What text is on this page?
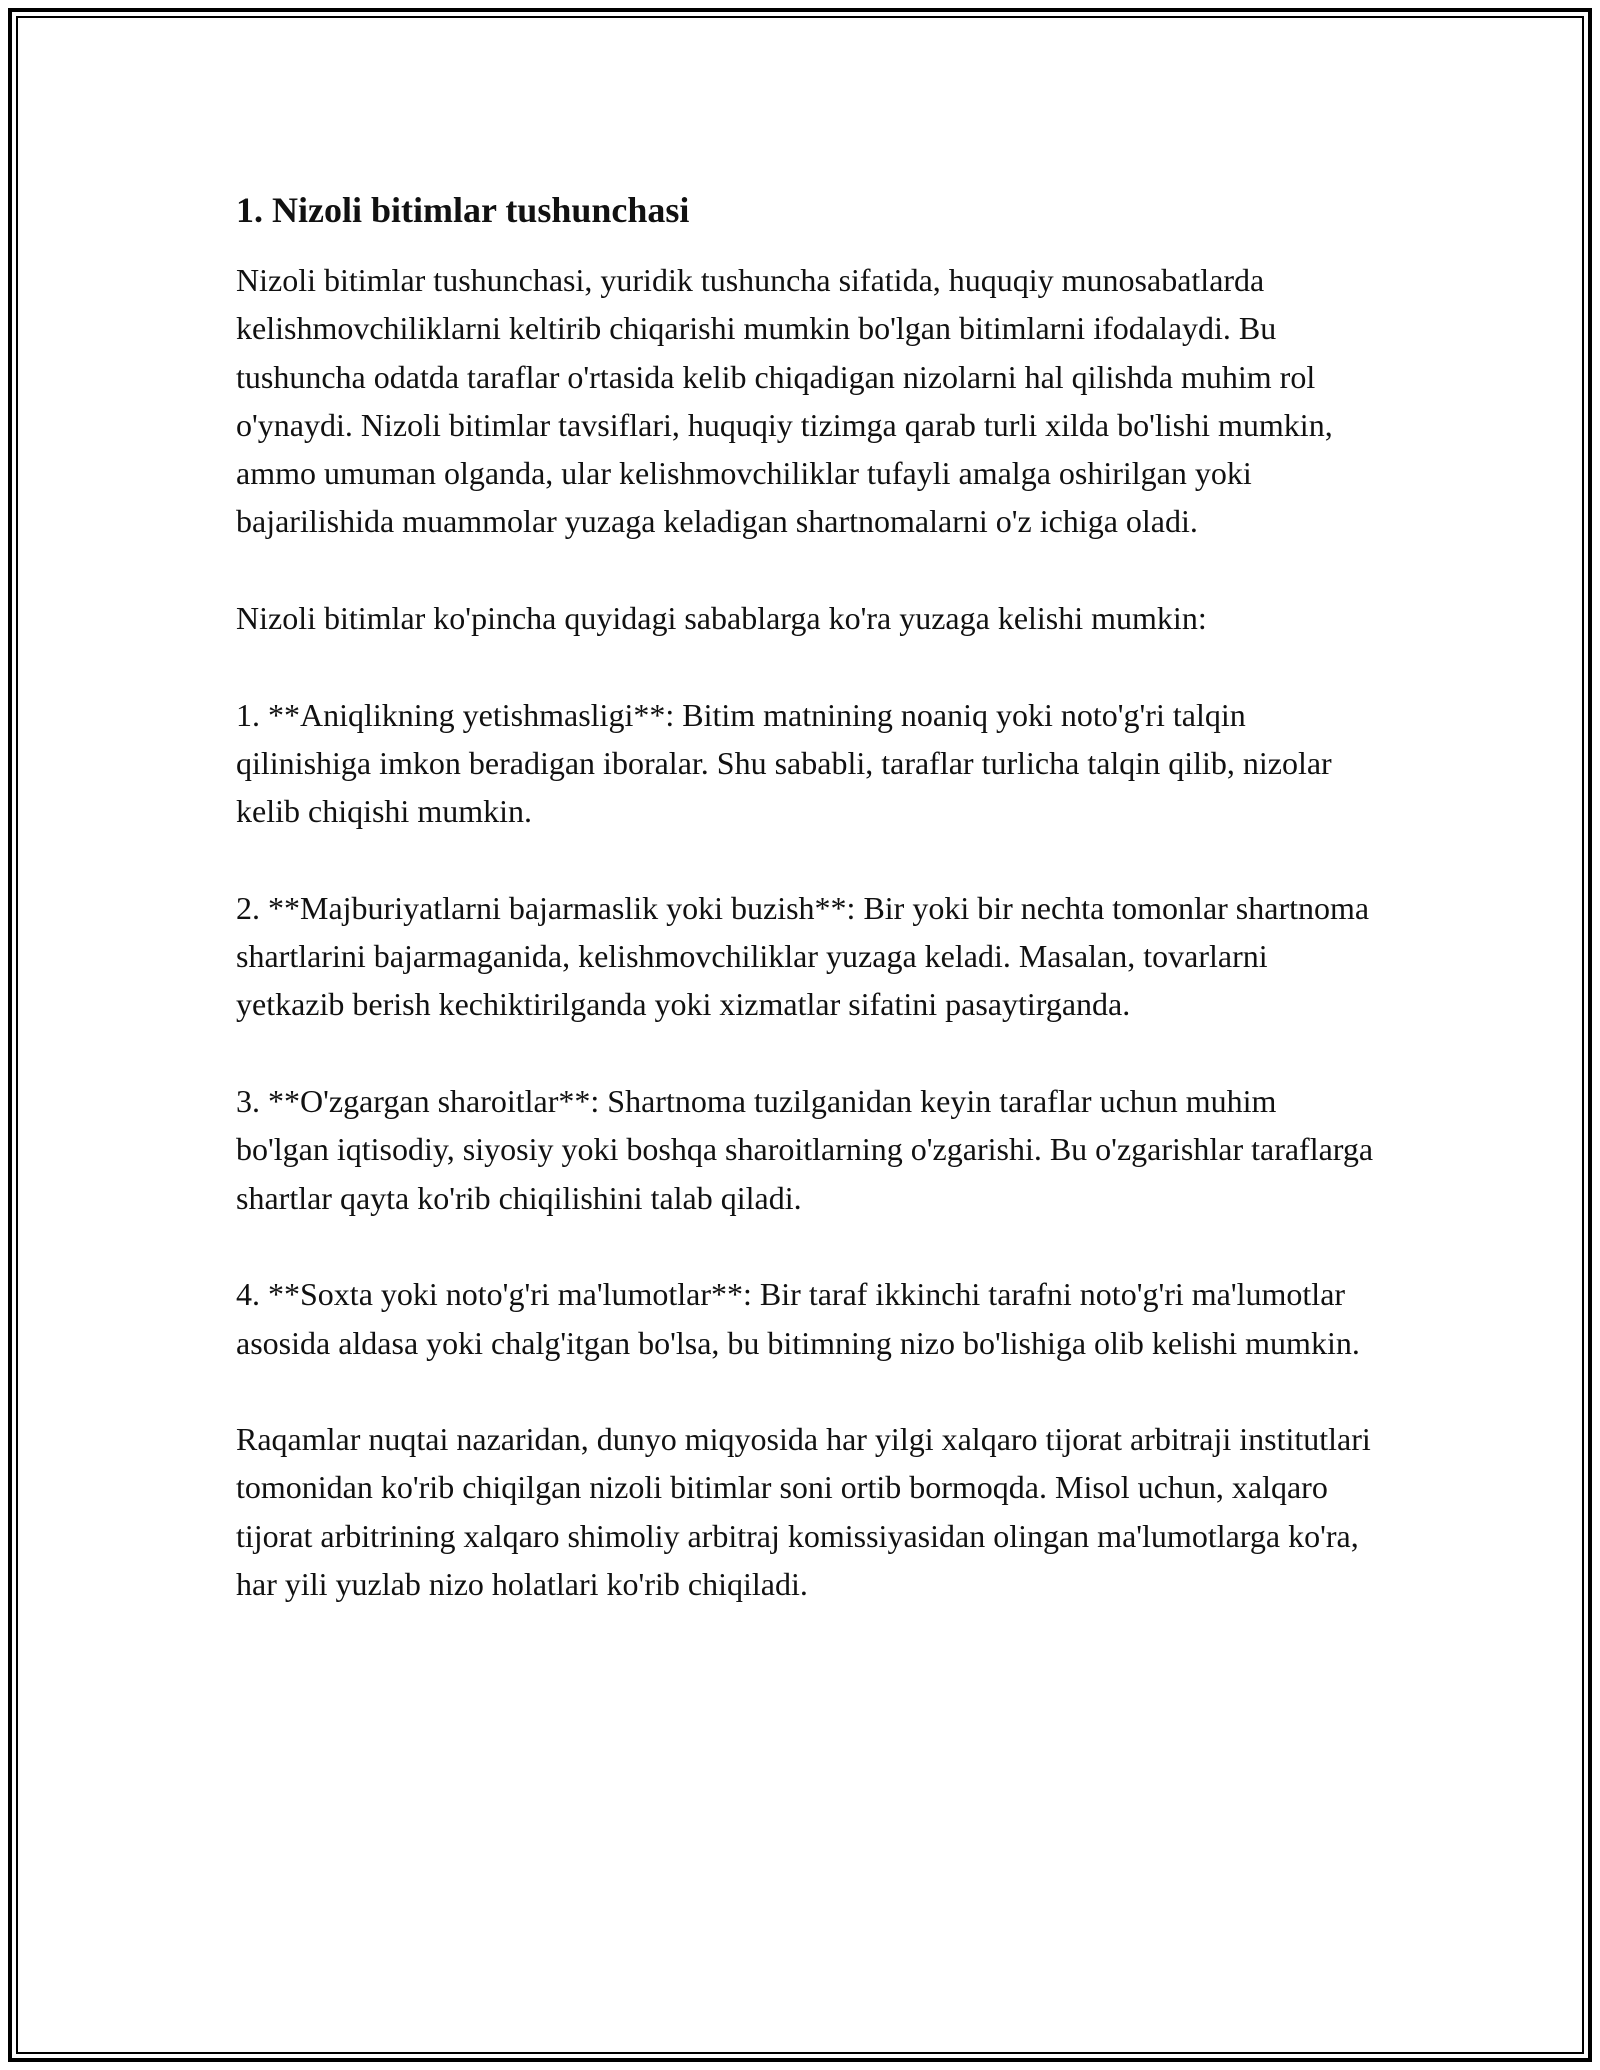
1. Nizoli bitimlar tushunchasi

Nizoli bitimlar tushunchasi, yuridik tushuncha sifatida, huquqiy munosabatlarda kelishmovchiliklarni keltirib chiqarishi mumkin bo'lgan bitimlarni ifodalaydi. Bu tushuncha odatda taraflar o'rtasida kelib chiqadigan nizolarni hal qilishda muhim rol o'ynaydi. Nizoli bitimlar tavsiflari, huquqiy tizimga qarab turli xilda bo'lishi mumkin, ammo umuman olganda, ular kelishmovchiliklar tufayli amalga oshirilgan yoki bajarilishida muammolar yuzaga keladigan shartnomalarni o'z ichiga oladi.

Nizoli bitimlar ko'pincha quyidagi sabablarga ko'ra yuzaga kelishi mumkin:

1. **Aniqlikning yetishmasligi**: Bitim matnining noaniq yoki noto'g'ri talqin qilinishiga imkon beradigan iboralar. Shu sababli, taraflar turlicha talqin qilib, nizolar kelib chiqishi mumkin.

2. **Majburiyatlarni bajarmaslik yoki buzish**: Bir yoki bir nechta tomonlar shartnoma shartlarini bajarmaganida, kelishmovchiliklar yuzaga keladi. Masalan, tovarlarni yetkazib berish kechiktirilganda yoki xizmatlar sifatini pasaytirganda.

3. **O'zgargan sharoitlar**: Shartnoma tuzilganidan keyin taraflar uchun muhim bo'lgan iqtisodiy, siyosiy yoki boshqa sharoitlarning o'zgarishi. Bu o'zgarishlar taraflarga shartlar qayta ko'rib chiqilishini talab qiladi.

4. **Soxta yoki noto'g'ri ma'lumotlar**: Bir taraf ikkinchi tarafni noto'g'ri ma'lumotlar asosida aldasa yoki chalg'itgan bo'lsa, bu bitimning nizo bo'lishiga olib kelishi mumkin.

Raqamlar nuqtai nazaridan, dunyo miqyosida har yilgi xalqaro tijorat arbitraji institutlari tomonidan ko'rib chiqilgan nizoli bitimlar soni ortib bormoqda. Misol uchun, xalqaro tijorat arbitrining xalqaro shimoliy arbitraj komissiyasidan olingan ma'lumotlarga ko'ra, har yili yuzlab nizo holatlari ko'rib chiqiladi.
